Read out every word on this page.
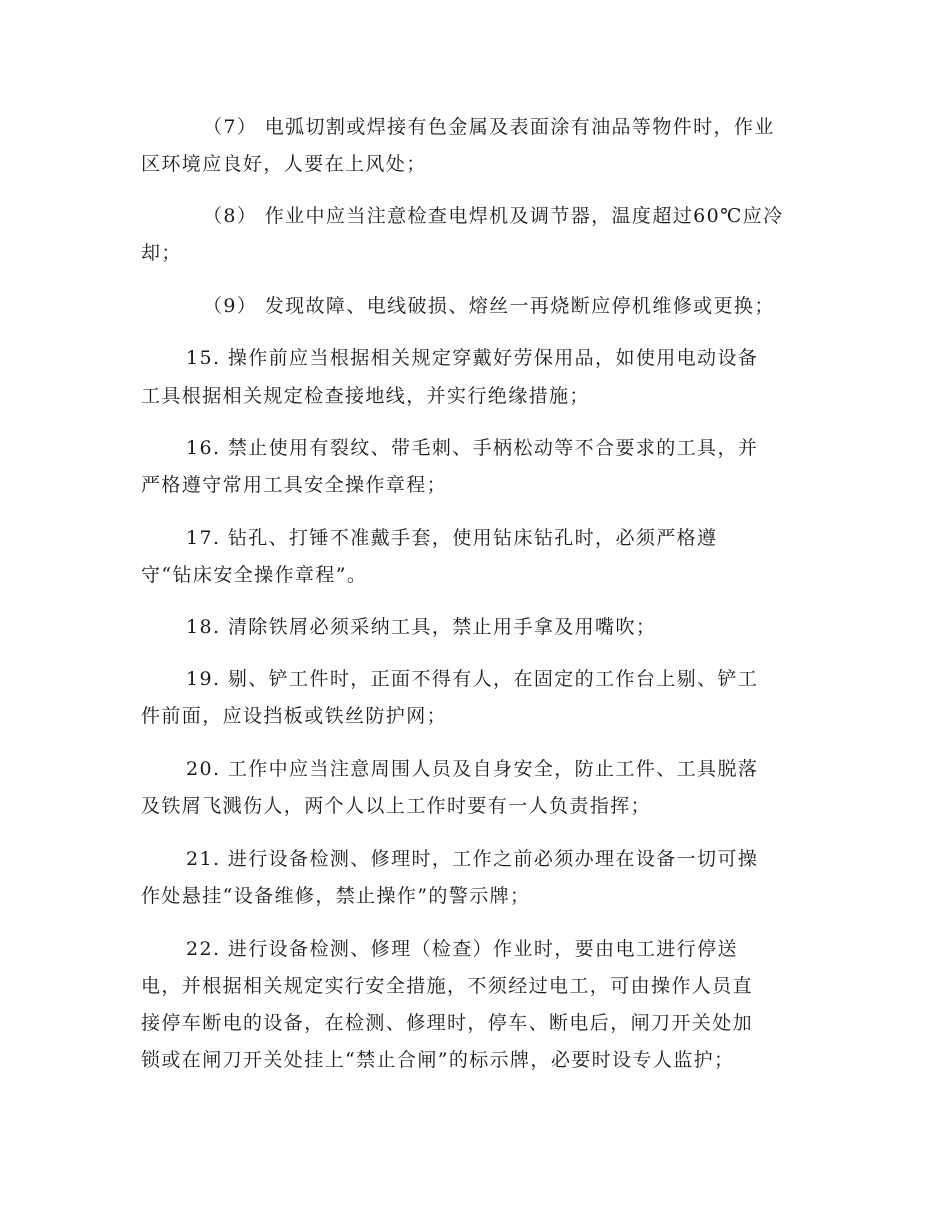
（7） 电弧切割或焊接有色金属及表面涂有油品等物件时，作业
区环境应良好，人要在上风处；
（8） 作业中应当注意检查电焊机及调节器，温度超过60℃应冷
却；
（9） 发现故障、电线破损、熔丝一再烧断应停机维修或更换；
15. 操作前应当根据相关规定穿戴好劳保用品，如使用电动设备
工具根据相关规定检查接地线，并实行绝缘措施；
16. 禁止使用有裂纹、带毛刺、手柄松动等不合要求的工具，并
严格遵守常用工具安全操作章程；
17. 钻孔、打锤不准戴手套，使用钻床钻孔时，必须严格遵
守“钻床安全操作章程”。
18. 清除铁屑必须采纳工具，禁止用手拿及用嘴吹；
19. 剔、铲工件时，正面不得有人，在固定的工作台上剔、铲工
件前面，应设挡板或铁丝防护网；
20. 工作中应当注意周围人员及自身安全，防止工件、工具脱落
及铁屑飞溅伤人，两个人以上工作时要有一人负责指挥；
21. 进行设备检测、修理时，工作之前必须办理在设备一切可操
作处悬挂“设备维修，禁止操作”的警示牌；
22. 进行设备检测、修理（检查）作业时，要由电工进行停送
电，并根据相关规定实行安全措施，不须经过电工，可由操作人员直
接停车断电的设备，在检测、修理时，停车、断电后，闸刀开关处加
锁或在闸刀开关处挂上“禁止合闸”的标示牌，必要时设专人监护；
